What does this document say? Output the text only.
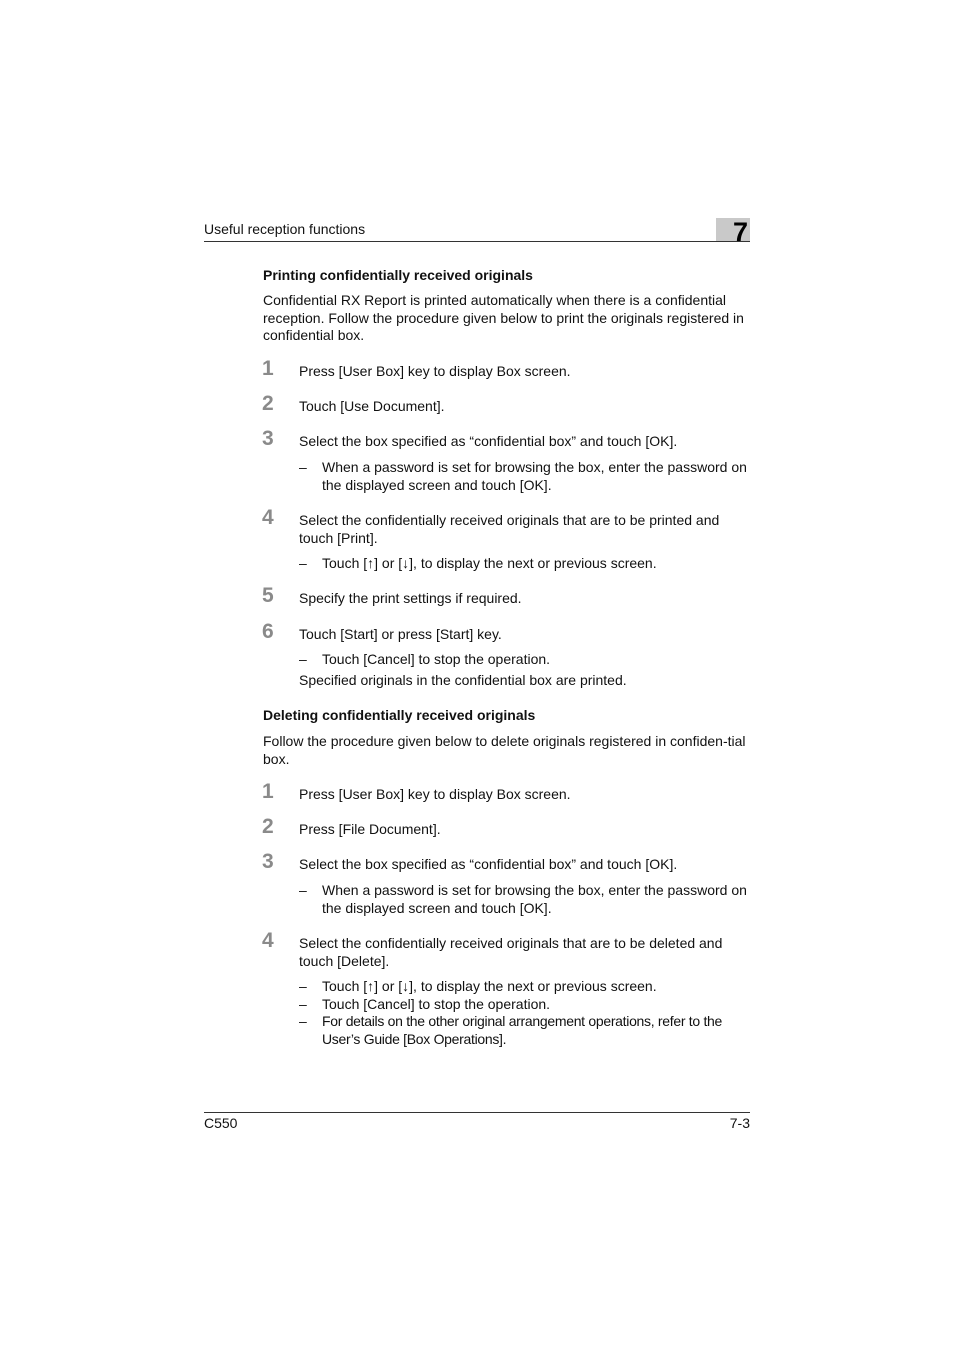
Useful reception functions	7
Printing confidentially received originals
Confidential RX Report is printed automatically when there is a confidential reception. Follow the procedure given below to print the originals registered in confidential box.
1 Press [User Box] key to display Box screen.
2 Touch [Use Document].
3 Select the box specified as “confidential box” and touch [OK].
– When a password is set for browsing the box, enter the password on the displayed screen and touch [OK].
4 Select the confidentially received originals that are to be printed and touch [Print].
– Touch [↑] or [↓], to display the next or previous screen.
5 Specify the print settings if required.
6 Touch [Start] or press [Start] key.
– Touch [Cancel] to stop the operation.
Specified originals in the confidential box are printed.
Deleting confidentially received originals
Follow the procedure given below to delete originals registered in confiden-tial box.
1 Press [User Box] key to display Box screen.
2 Press [File Document].
3 Select the box specified as “confidential box” and touch [OK].
– When a password is set for browsing the box, enter the password on the displayed screen and touch [OK].
4 Select the confidentially received originals that are to be deleted and touch [Delete].
– Touch [↑] or [↓], to display the next or previous screen.
– Touch [Cancel] to stop the operation.
– For details on the other original arrangement operations, refer to the User’s Guide [Box Operations].
C550	7-3
